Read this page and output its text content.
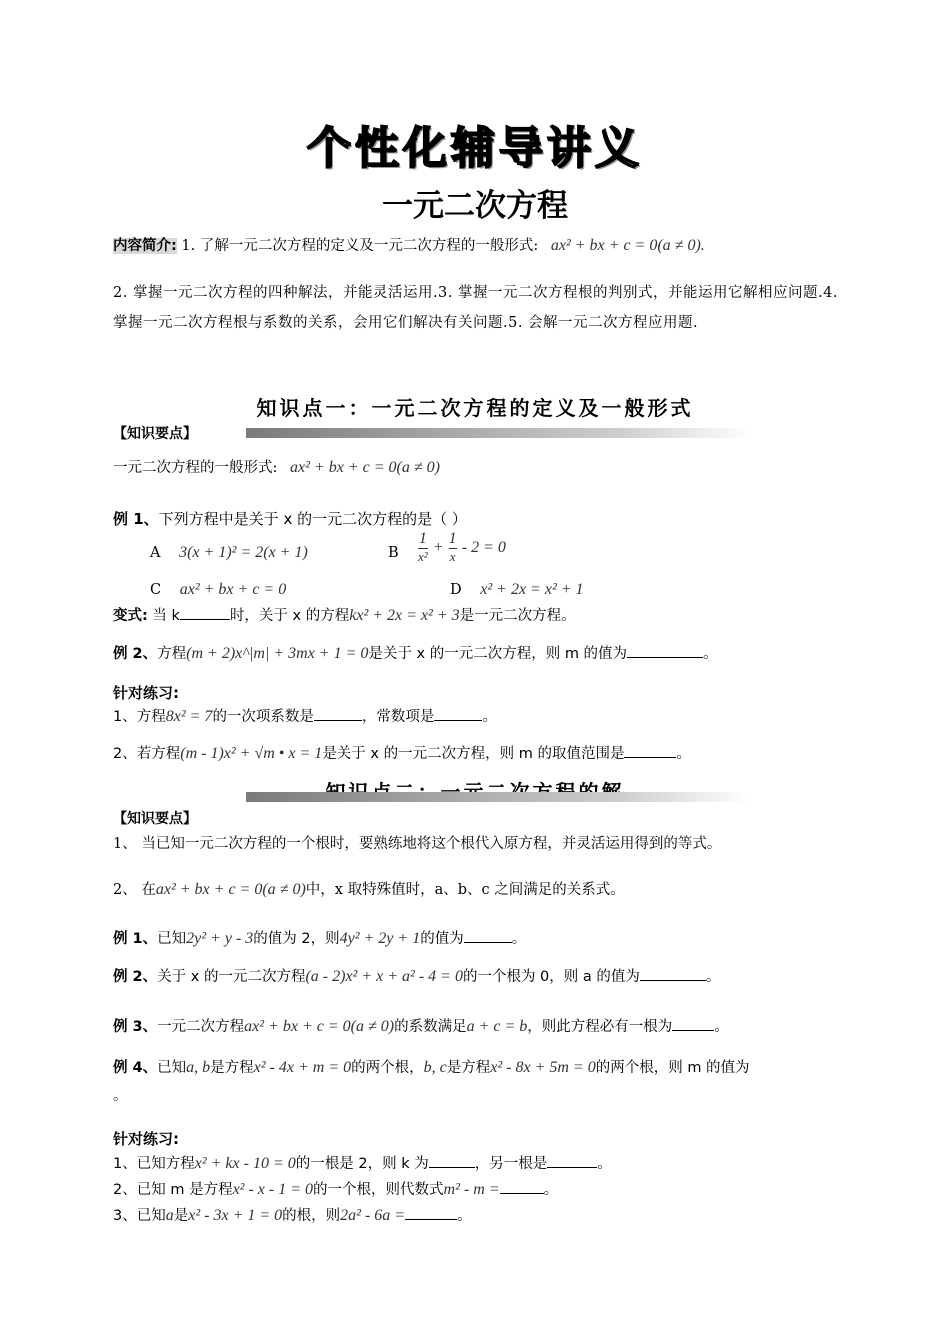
个性化辅导讲义
一元二次方程
内容简介: 1. 了解一元二次方程的定义及一元二次方程的一般形式: ax² + bx + c = 0(a ≠ 0).
2. 掌握一元二次方程的四种解法，并能灵活运用.3. 掌握一元二次方程根的判别式，并能运用它解相应问题.4. 掌握一元二次方程根与系数的关系，会用它们解决有关问题.5. 会解一元二次方程应用题.
知识点一：一元二次方程的定义及一般形式
【知识要点】
一元二次方程的一般形式: ax² + bx + c = 0(a ≠ 0)
例 1、下列方程中是关于 x 的一元二次方程的是（ ）
A 3(x + 1)² = 2(x + 1)	B
1
x²
+
1
x
- 2 = 0
C ax² + bx + c = 0	D x² + 2x = x² + 1
变式: 当 k	时，关于 x 的方程kx² + 2x = x² + 3是一元二次方程。
例 2、方程(m + 2)x^|m| + 3mx + 1 = 0是关于 x 的一元二次方程，则 m 的值为	。
针对练习:
1、方程8x² = 7的一次项系数是	，常数项是	。
2、若方程(m - 1)x² + √m • x = 1是关于 x 的一元二次方程，则 m 的取值范围是	。
【知识要点】
1、 当已知一元二次方程的一个根时，要熟练地将这个根代入原方程，并灵活运用得到的等式。
2、 在ax² + bx + c = 0(a ≠ 0)中，x 取特殊值时，a、b、c 之间满足的关系式。
例 1、已知2y² + y - 3的值为 2，则4y² + 2y + 1的值为	。
例 2、关于 x 的一元二次方程(a - 2)x² + x + a² - 4 = 0的一个根为 0，则 a 的值为	。
例 3、一元二次方程ax² + bx + c = 0(a ≠ 0)的系数满足a + c = b，则此方程必有一根为	。
例 4、已知a, b是方程x² - 4x + m = 0的两个根，b, c是方程x² - 8x + 5m = 0的两个根，则 m 的值为
。
针对练习:
1、已知方程x² + kx - 10 = 0的一根是 2，则 k 为	，另一根是	。
2、已知 m 是方程x² - x - 1 = 0的一个根，则代数式m² - m =	。
3、已知a是x² - 3x + 1 = 0的根，则2a² - 6a =	。
